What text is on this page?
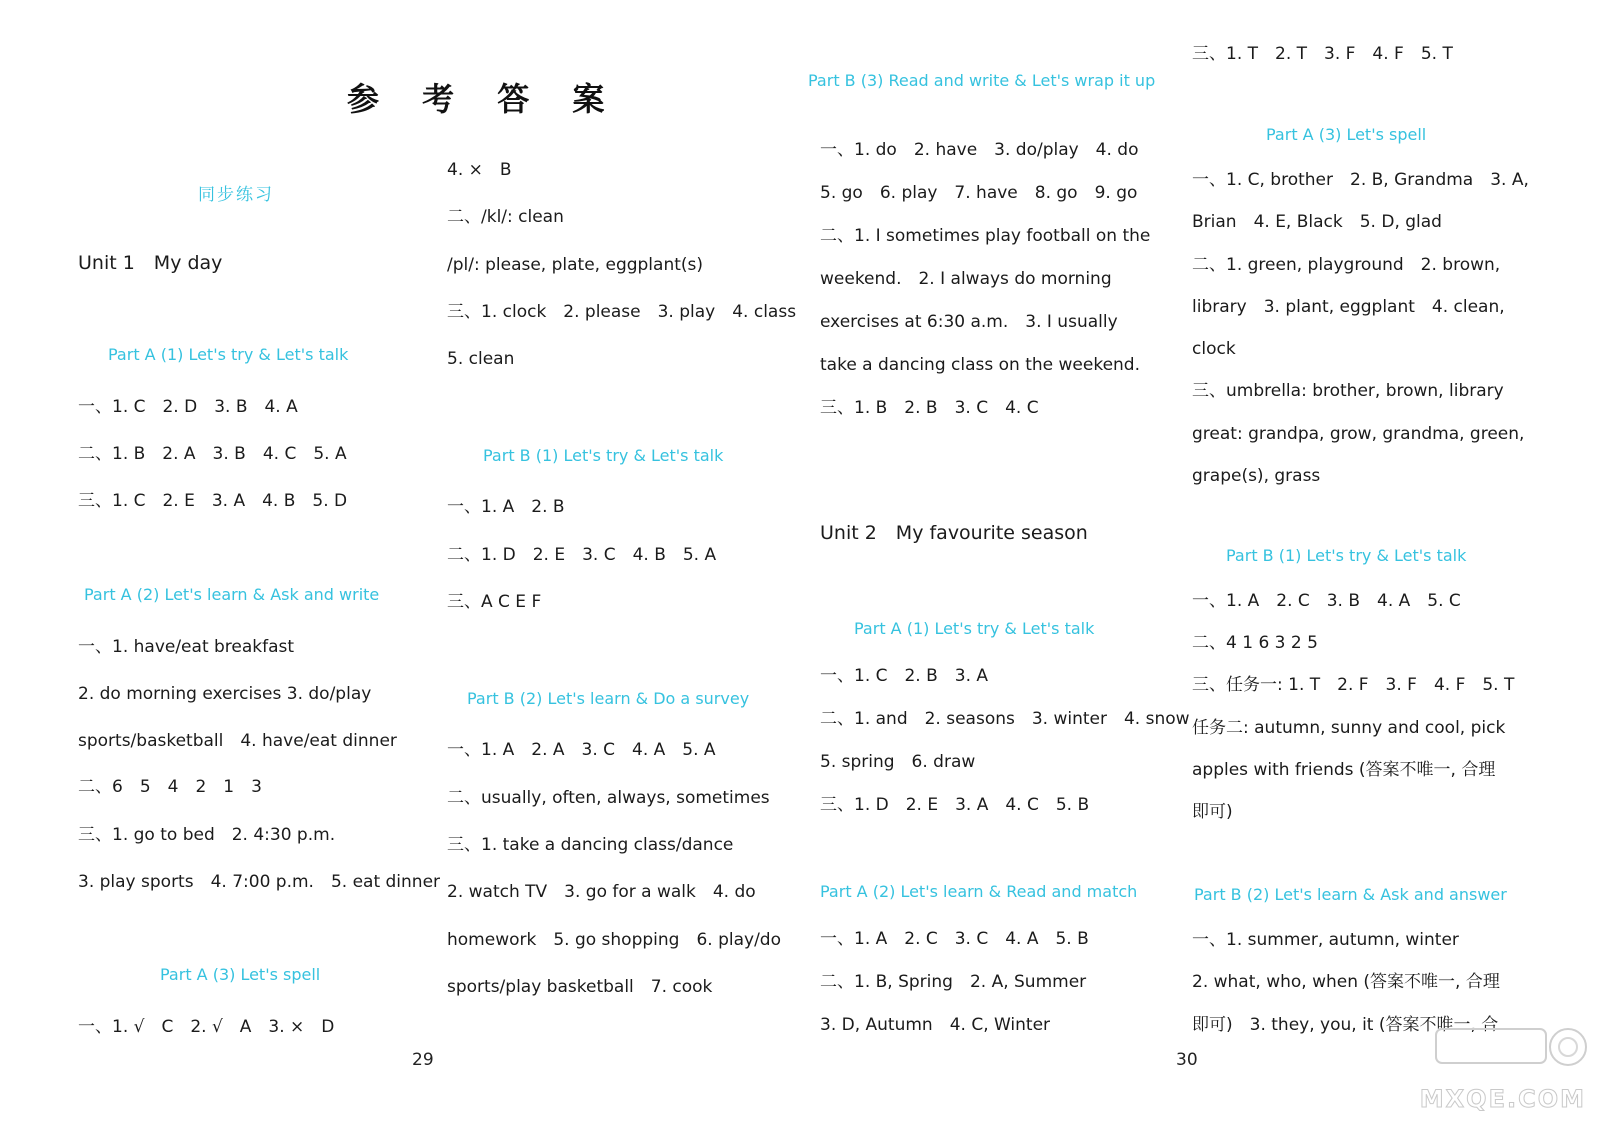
参 考 答 案
同步练习
Unit 1　My day
Part A (1) Let's try & Let's talk

一、1. C　2. D　3. B　4. A

二、1. B　2. A　3. B　4. C　5. A

三、1. C　2. E　3. A　4. B　5. D

Part A (2) Let's learn & Ask and write

一、1. have/eat breakfast

2. do morning exercises 3. do/play

sports/basketball　4. have/eat dinner

二、6　5　4　2　1　3

三、1. go to bed　2. 4:30 p.m.

3. play sports　4. 7:00 p.m.　5. eat dinner

Part A (3) Let's spell

一、1. √　C　2. √　A　3. ×　D

4. ×　B

二、/kl/: clean

/pl/: please, plate, eggplant(s)

三、1. clock　2. please　3. play　4. class

5. clean

Part B (1) Let's try & Let's talk

一、1. A　2. B

二、1. D　2. E　3. C　4. B　5. A

三、A C E F

Part B (2) Let's learn & Do a survey

一、1. A　2. A　3. C　4. A　5. A

二、usually, often, always, sometimes

三、1. take a dancing class/dance

2. watch TV　3. go for a walk　4. do

homework　5. go shopping　6. play/do

sports/play basketball　7. cook

29
Part B (3) Read and write & Let's wrap it up

一、1. do　2. have　3. do/play　4. do

5. go　6. play　7. have　8. go　9. go

二、1. I sometimes play football on the

weekend.　2. I always do morning

exercises at 6:30 a.m.　3. I usually

take a dancing class on the weekend.

三、1. B　2. B　3. C　4. C

Unit 2　My favourite season
Part A (1) Let's try & Let's talk

一、1. C　2. B　3. A

二、1. and　2. seasons　3. winter　4. snow

5. spring　6. draw

三、1. D　2. E　3. A　4. C　5. B

Part A (2) Let's learn & Read and match

一、1. A　2. C　3. C　4. A　5. B

二、1. B, Spring　2. A, Summer

3. D, Autumn　4. C, Winter

三、1. T　2. T　3. F　4. F　5. T

Part A (3) Let's spell

一、1. C, brother　2. B, Grandma　3. A,

Brian　4. E, Black　5. D, glad

二、1. green, playground　2. brown,

library　3. plant, eggplant　4. clean,

clock

三、umbrella: brother, brown, library

great: grandpa, grow, grandma, green,

grape(s), grass

Part B (1) Let's try & Let's talk

一、1. A　2. C　3. B　4. A　5. C

二、4 1 6 3 2 5

三、任务一: 1. T　2. F　3. F　4. F　5. T

任务二: autumn, sunny and cool, pick

apples with friends (答案不唯一, 合理

即可)

Part B (2) Let's learn & Ask and answer

一、1. summer, autumn, winter

2. what, who, when (答案不唯一, 合理

即可)　3. they, you, it (答案不唯一, 合

30
MXQE.COM
